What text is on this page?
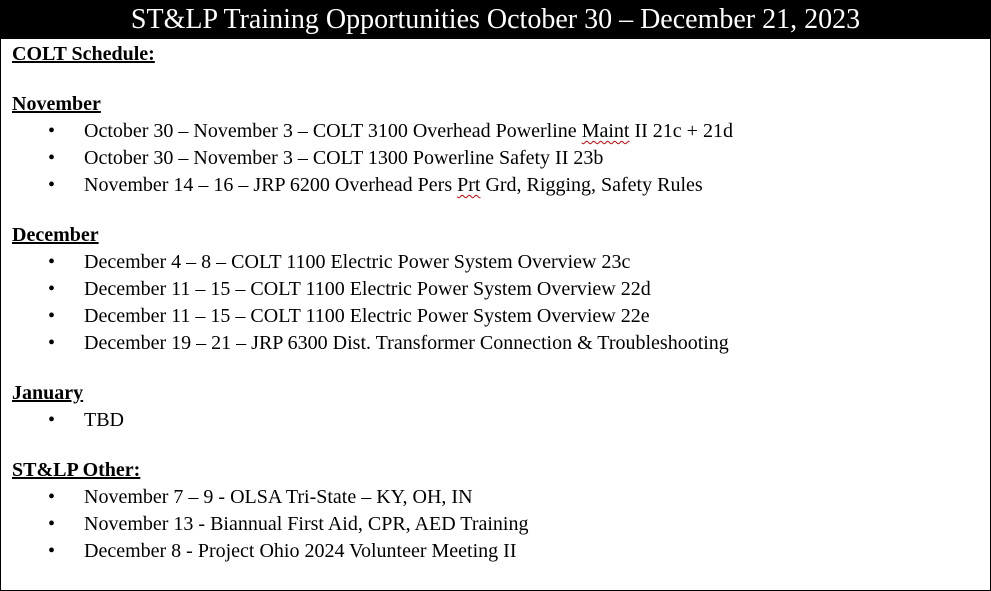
ST&LP Training Opportunities October 30 – December 21, 2023
COLT Schedule:
November
• October 30 – November 3 – COLT 3100 Overhead Powerline Maint II 21c + 21d
• October 30 – November 3 – COLT 1300 Powerline Safety II 23b
• November 14 – 16 – JRP 6200 Overhead Pers Prt Grd, Rigging, Safety Rules
December
• December 4 – 8 – COLT 1100 Electric Power System Overview 23c
• December 11 – 15 – COLT 1100 Electric Power System Overview 22d
• December 11 – 15 – COLT 1100 Electric Power System Overview 22e
• December 19 – 21 – JRP 6300 Dist. Transformer Connection & Troubleshooting
January
• TBD
ST&LP Other:
• November 7 – 9 - OLSA Tri-State – KY, OH, IN
• November 13 - Biannual First Aid, CPR, AED Training
• December 8 - Project Ohio 2024 Volunteer Meeting II
